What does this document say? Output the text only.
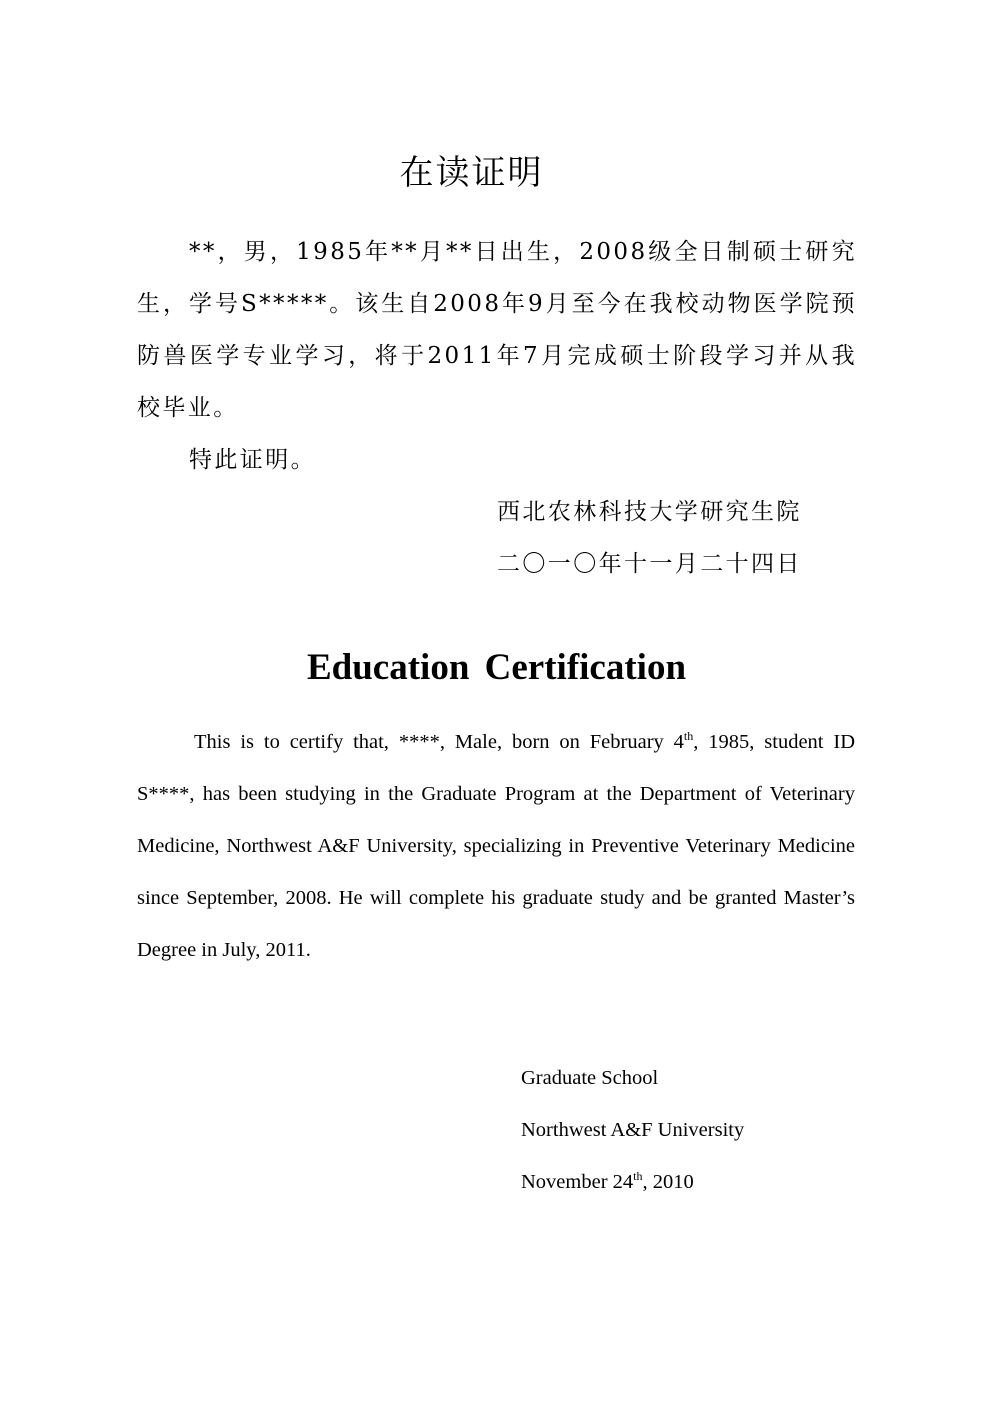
在读证明

**，男，1985年**月**日出生，2008级全日制硕士研究生，学号S*****。该生自2008年9月至今在我校动物医学院预防兽医学专业学习，将于2011年7月完成硕士阶段学习并从我校毕业。

特此证明。
西北农林科技大学研究生院
二〇一〇年十一月二十四日
Education Certification

This is to certify that, ****, Male, born on February 4th, 1985, student ID S****, has been studying in the Graduate Program at the Department of Veterinary Medicine, Northwest A&F University, specializing in Preventive Veterinary Medicine since September, 2008. He will complete his graduate study and be granted Master’s Degree in July, 2011.

Graduate School
Northwest A&F University
November 24th, 2010
